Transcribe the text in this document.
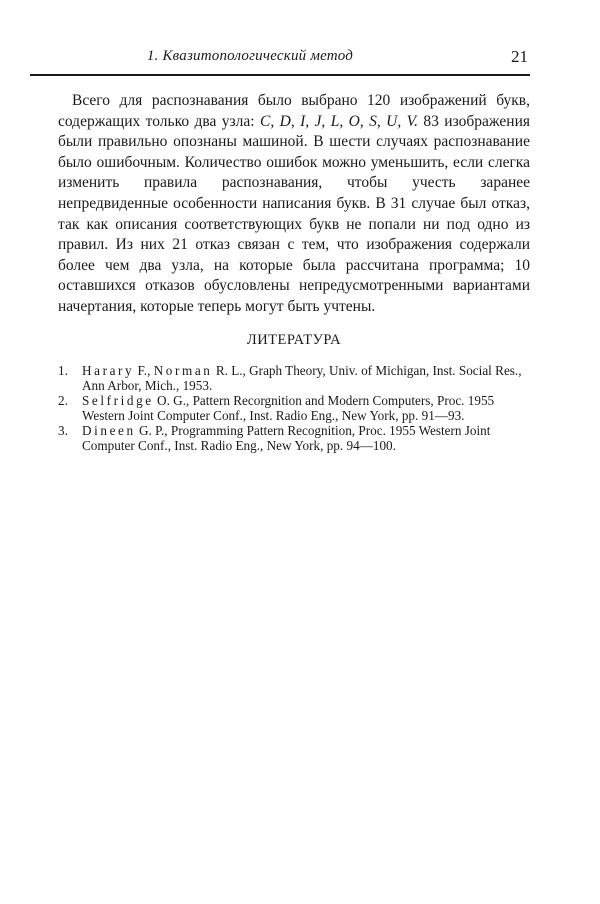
1. Квазитопологический метод	21

Всего для распознавания было выбрано 120 изображений букв, содержащих только два узла: C, D, I, J, L, O, S, U, V. 83 изображения были правильно опознаны машиной. В шести случаях распознавание было ошибочным. Количество ошибок можно уменьшить, если слегка изменить правила распознавания, чтобы учесть заранее непредвиденные особенности написания букв. В 31 случае был отказ, так как описания соответствующих букв не попали ни под одно из правил. Из них 21 отказ связан с тем, что изображения содержали более чем два узла, на которые была рассчитана программа; 10 оставшихся отказов обусловлены непредусмотренными вариантами начертания, которые теперь могут быть учтены.

ЛИТЕРАТУРА
1. Harary F., Norman R. L., Graph Theory, Univ. of Michigan, Inst. Social Res., Ann Arbor, Mich., 1953.
2. Selfridge O. G., Pattern Recorgnition and Modern Computers, Proc. 1955 Western Joint Computer Conf., Inst. Radio Eng., New York, pp. 91—93.
3. Dineen G. P., Programming Pattern Recognition, Proc. 1955 Western Joint Computer Conf., Inst. Radio Eng., New York, pp. 94—100.
